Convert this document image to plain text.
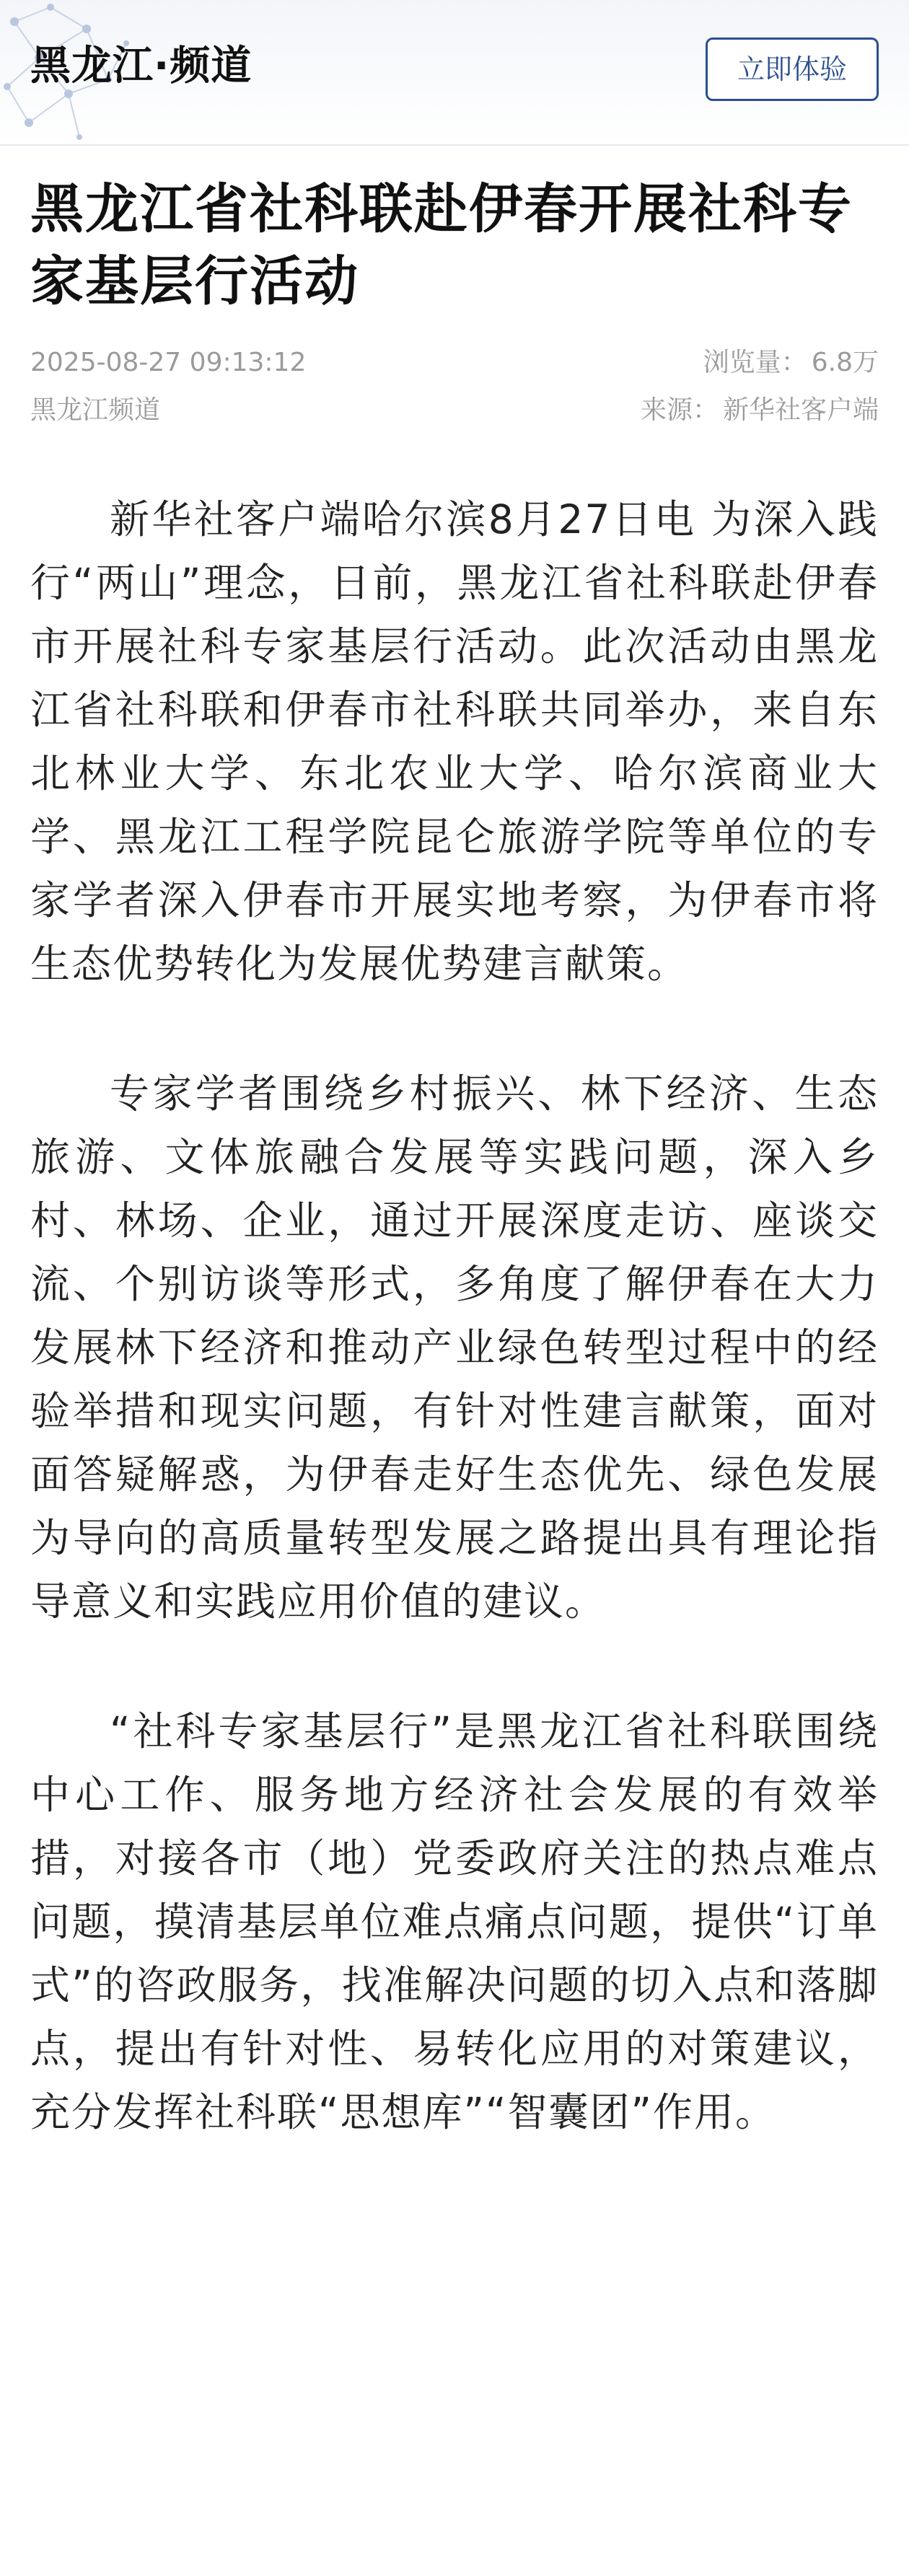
黑龙江·频道	立即体验
黑龙江省社科联赴伊春开展社科专家基层行活动
2025-08-27 09:13:12	浏览量： 6.8万
黑龙江频道	来源： 新华社客户端

新华社客户端哈尔滨8月27日电 为深入践行“两山”理念，日前，黑龙江省社科联赴伊春市开展社科专家基层行活动。此次活动由黑龙江省社科联和伊春市社科联共同举办，来自东北林业大学、东北农业大学、哈尔滨商业大学、黑龙江工程学院昆仑旅游学院等单位的专家学者深入伊春市开展实地考察，为伊春市将生态优势转化为发展优势建言献策。

专家学者围绕乡村振兴、林下经济、生态旅游、文体旅融合发展等实践问题，深入乡村、林场、企业，通过开展深度走访、座谈交流、个别访谈等形式，多角度了解伊春在大力发展林下经济和推动产业绿色转型过程中的经验举措和现实问题，有针对性建言献策，面对面答疑解惑，为伊春走好生态优先、绿色发展为导向的高质量转型发展之路提出具有理论指导意义和实践应用价值的建议。

“社科专家基层行”是黑龙江省社科联围绕中心工作、服务地方经济社会发展的有效举措，对接各市（地）党委政府关注的热点难点问题，摸清基层单位难点痛点问题，提供“订单式”的咨政服务，找准解决问题的切入点和落脚点，提出有针对性、易转化应用的对策建议，充分发挥社科联“思想库”“智囊团”作用。
